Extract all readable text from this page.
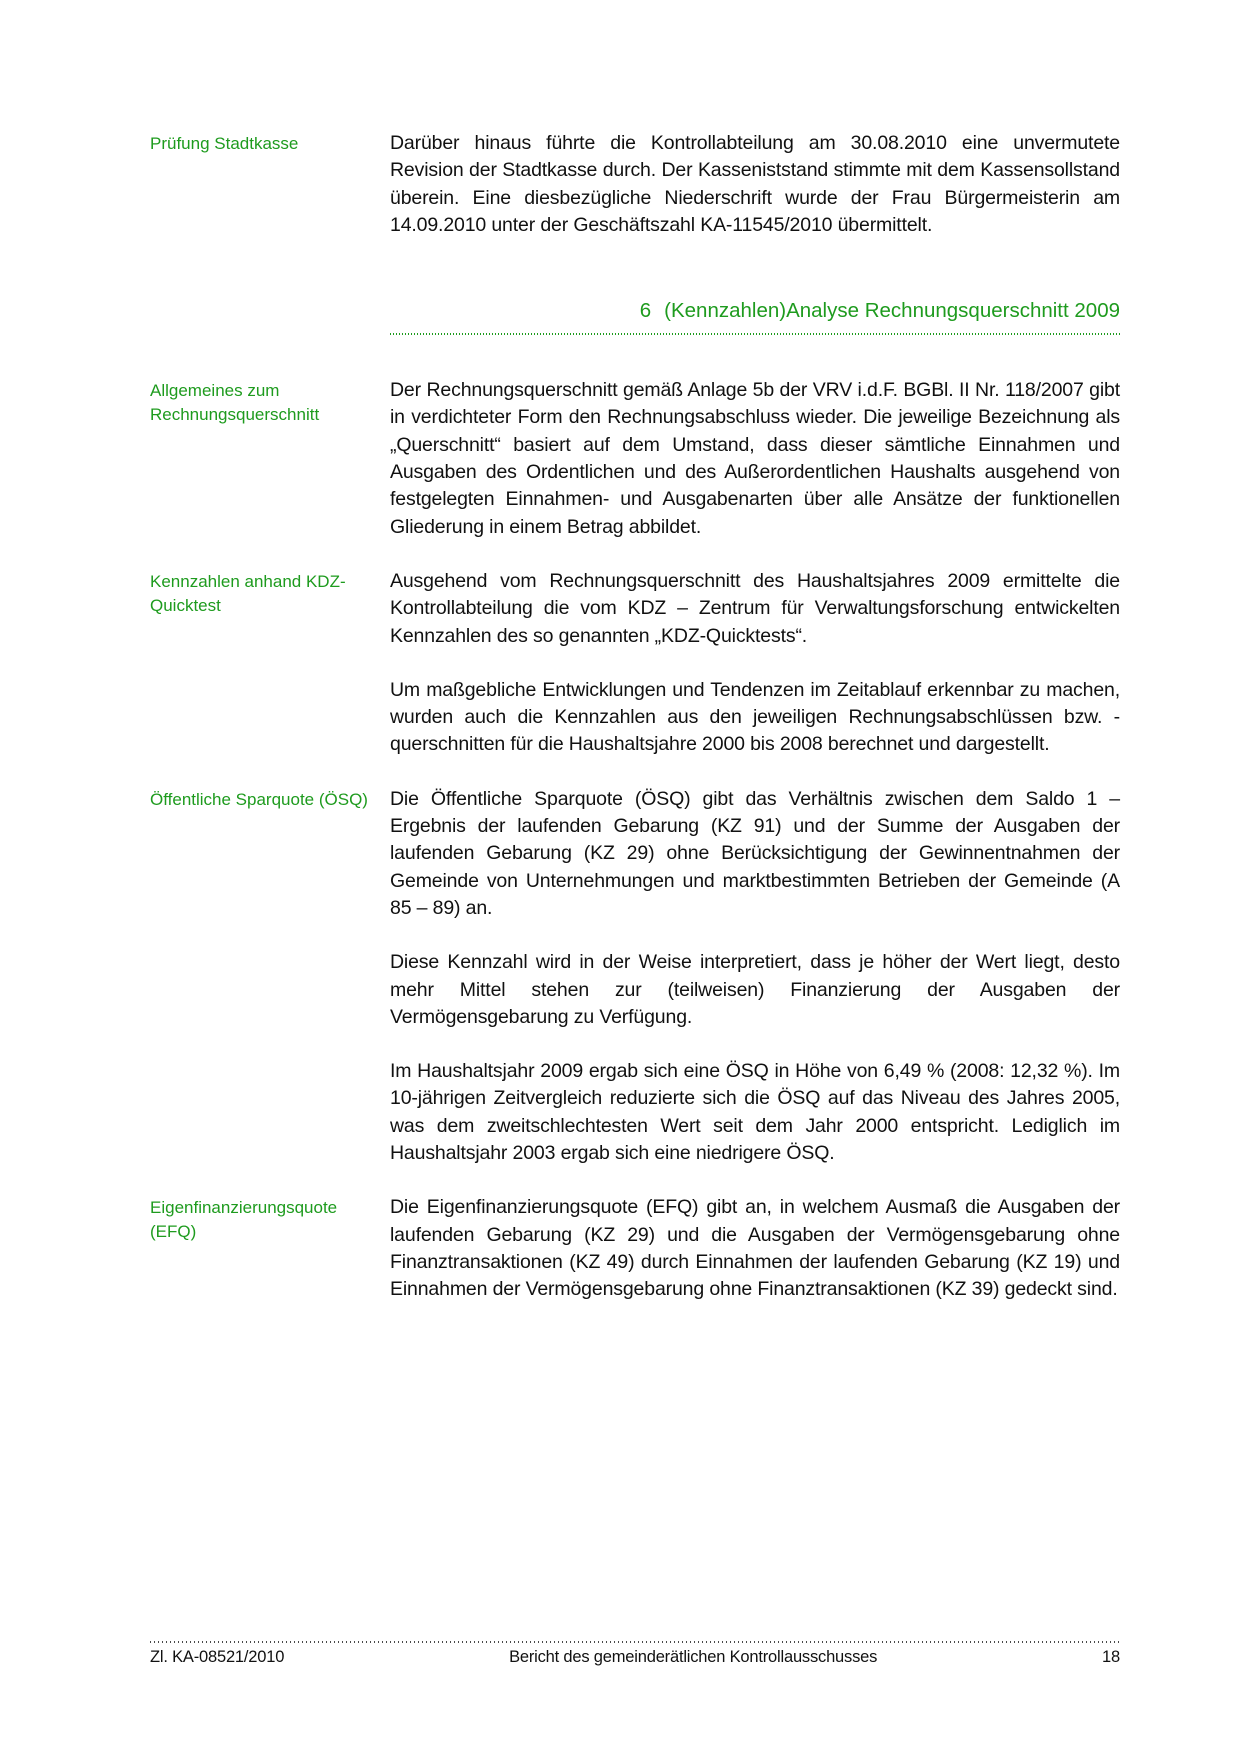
Prüfung Stadtkasse	Darüber hinaus führte die Kontrollabteilung am 30.08.2010 eine unvermutete Revision der Stadtkasse durch. Der Kasseniststand stimmte mit dem Kassensollstand überein. Eine diesbezügliche Niederschrift wurde der Frau Bürgermeisterin am 14.09.2010 unter der Geschäftszahl KA-11545/2010 übermittelt.

6 (Kennzahlen)Analyse Rechnungsquerschnitt 2009
Allgemeines zum Rechnungsquerschnitt

Der Rechnungsquerschnitt gemäß Anlage 5b der VRV i.d.F. BGBl. II Nr. 118/2007 gibt in verdichteter Form den Rechnungsabschluss wieder. Die jeweilige Bezeichnung als „Querschnitt“ basiert auf dem Umstand, dass dieser sämtliche Einnahmen und Ausgaben des Ordentlichen und des Außerordentlichen Haushalts ausgehend von festgelegten Einnahmen- und Ausgabenarten über alle Ansätze der funktionellen Gliederung in einem Betrag abbildet.

Kennzahlen anhand KDZ-Quicktest

Ausgehend vom Rechnungsquerschnitt des Haushaltsjahres 2009 ermittelte die Kontrollabteilung die vom KDZ – Zentrum für Verwaltungsforschung entwickelten Kennzahlen des so genannten „KDZ-Quicktests“.

Um maßgebliche Entwicklungen und Tendenzen im Zeitablauf erkennbar zu machen, wurden auch die Kennzahlen aus den jeweiligen Rechnungsabschlüssen bzw. -querschnitten für die Haushaltsjahre 2000 bis 2008 berechnet und dargestellt.

Öffentliche Sparquote (ÖSQ)	Die Öffentliche Sparquote (ÖSQ) gibt das Verhältnis zwischen dem Saldo 1 – Ergebnis der laufenden Gebarung (KZ 91) und der Summe der Ausgaben der laufenden Gebarung (KZ 29) ohne Berücksichtigung der Gewinnentnahmen der Gemeinde von Unternehmungen und marktbestimmten Betrieben der Gemeinde (A 85 – 89) an.

Diese Kennzahl wird in der Weise interpretiert, dass je höher der Wert liegt, desto mehr Mittel stehen zur (teilweisen) Finanzierung der Ausgaben der Vermögensgebarung zu Verfügung.

Im Haushaltsjahr 2009 ergab sich eine ÖSQ in Höhe von 6,49 % (2008: 12,32 %). Im 10-jährigen Zeitvergleich reduzierte sich die ÖSQ auf das Niveau des Jahres 2005, was dem zweitschlechtesten Wert seit dem Jahr 2000 entspricht. Lediglich im Haushaltsjahr 2003 ergab sich eine niedrigere ÖSQ.

Eigenfinanzierungsquote (EFQ)

Die Eigenfinanzierungsquote (EFQ) gibt an, in welchem Ausmaß die Ausgaben der laufenden Gebarung (KZ 29) und die Ausgaben der Vermögensgebarung ohne Finanztransaktionen (KZ 49) durch Einnahmen der laufenden Gebarung (KZ 19) und Einnahmen der Vermögensgebarung ohne Finanztransaktionen (KZ 39) gedeckt sind.

Zl. KA-08521/2010	Bericht des gemeinderätlichen Kontrollausschusses	18
